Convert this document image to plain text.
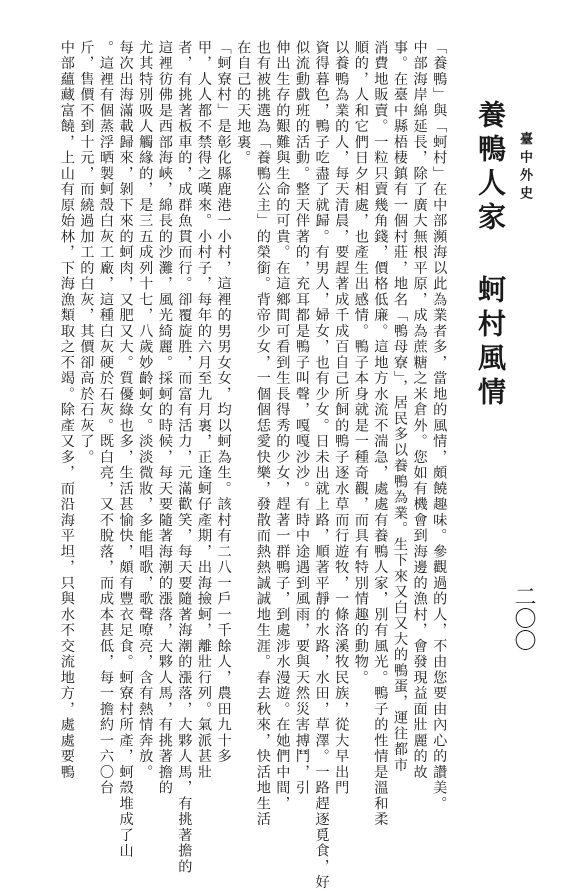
臺中外史
二〇〇
養鴨人家 蚵村風情
「養鴨」與「蚵村」在中部瀕海以此為業者多，當地的風情，頗饒趣味。參觀過的人，不由您要由內心的讚美。
中部海岸綿延長，除了廣大無根平原，成為蔗糖之米倉外。您如有機會到海邊的漁村，會發現益面壯麗的故
事。在臺中縣梧棲鎮有一個村莊，地名「鴨母寮」，居民多以養鴨為業。生下來又白又大的鴨蛋，運往都市
消費地販賣。一粒只賣幾角錢，價格低廉。這地方水流不湍急，處處有養鴨人家，別有風光。鴨子的性情是溫和柔
順的，人和它們日夕相處，也產生出感情。鴨子本身就是一種奇觀，而具有特別情趣的動物。
以養鴨為業的人，每天清晨，要趕著成千成百自己所飼的鴨子逐水草而行遊牧，一條洛溪牧民族，從大早出門
資得暮色，鴨子吃盡了就歸。有男人，婦女，也有少女。日未出就上路，順著平靜的水路，水田，草澤。一路趕逐覓食，好
似流動戲班的活動。整天伴著的，充耳都是鴨子叫聲，嘎嘎沙沙。有時中途遇到風雨，要與天然災害搏鬥，引
伸出生存的艱難與生命的可貴。在這鄉間可看到生長得秀的少女，趕著一群鴨子，到處涉水漫遊。在她們中間，
也有被挑選為「養鴨公主」的榮銜。背帝少女，一個個恁愛快樂，發散而熱熱誠誠地生涯。春去秋來，快活地生活
在自己的天地裏。
「蚵寮村」是彰化縣鹿港一小村，這裡的男男女女，均以蚵為生。該村有二八一戶一千餘人，農田九十多
甲，人人都不禁得之嘆來。小村子，每年的六月至九月裏，正逢蚵仔產期，出海撿蚵，離壯行列。氣派甚壯
者，有挑著板車的，成群魚貫而行。卻覆旋胜，而富有活力，元滿歡笑，每天要隨著海潮的漲落，大夥人馬，有挑著擔的
這裡彷佛是西部海峽，綿長的沙灘，風光綺麗。採蚵的時候，每天要隨著海潮的漲落，大夥人馬，有挑著擔的
尤其特別吸人觸緣的，是三五成列十七，八歲妙齡蚵女。淡淡微妝，多能唱歌，歌聲嘹亮，含有熱情奔放。
每次出海滿載歸來，剝下來的蚵肉，又肥又大。質優綠也多，生活甚愉快，頗有豐衣足食。蚵寮村所產，蚵殼堆成了山
。這裡有個蒸浮晒製蚵殼白灰工廠，這種白灰硬於石灰。既白亮，又不脫落，而成本甚低，每一擔約一六〇台
斤，售價不到十元，而繞過加工的白灰，其價卻高於石灰了。
中部蘊藏富饒，上山有原始林，下海漁類取之不竭。除產又多，而沿海平坦，只與水不交流地方，處處要鴨
